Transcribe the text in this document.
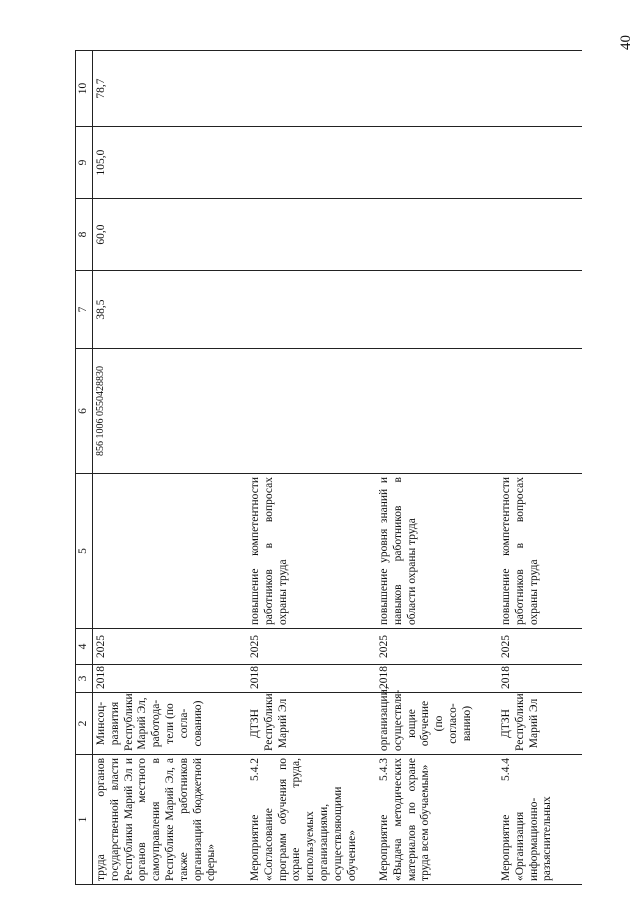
40
1	2	3	4	5	6	7	8	9	10
труда органов государственной власти Республики Марий Эл и органов местного самоуправления в Республике Марий Эл, а также работников организаций бюджетной сферы»	Минсоц-развития Республики Марий Эл, работода-тели (по согла-сованию)	2018	2025		856 1006 0550428830	38,5	60,0	105,0	78,7
Мероприятие 5.4.2 «Согласование программ обучения по охране труда, используемых организациями, осуществляющими обучение»	ДТЗН Республики Марий Эл	2018	2025	повышение компетентности работников в вопросах охраны труда					
Мероприятие 5.4.3 «Выдача методических материалов по охране труда всем обучаемым»	организации, осуществля-ющие обучение (по согласо-ванию)	2018	2025	повышение уровня знаний и навыков работников в области охраны труда					
Мероприятие 5.4.4 «Организация информационно-разъяснительных	ДТЗН Республики Марий Эл	2018	2025	повышение компетентности работников в вопросах охраны труда					
